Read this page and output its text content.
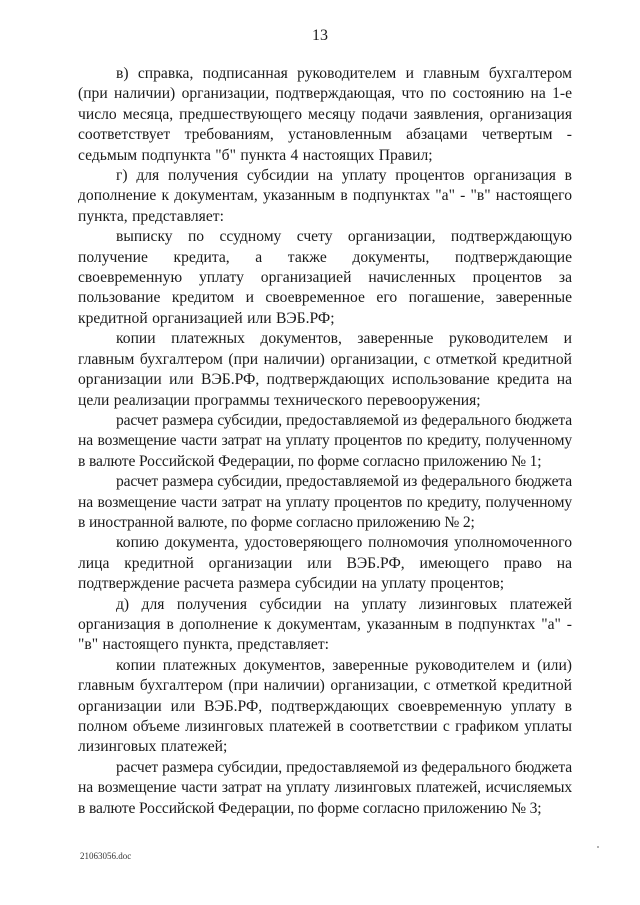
13

в) справка, подписанная руководителем и главным бухгалтером (при наличии) организации, подтверждающая, что по состоянию на 1-е число месяца, предшествующего месяцу подачи заявления, организация соответствует требованиям, установленным абзацами четвертым - седьмым подпункта "б" пункта 4 настоящих Правил;

г) для получения субсидии на уплату процентов организация в дополнение к документам, указанным в подпунктах "а" - "в" настоящего пункта, представляет:

выписку по ссудному счету организации, подтверждающую получение кредита, а также документы, подтверждающие своевременную уплату организацией начисленных процентов за пользование кредитом и своевременное его погашение, заверенные кредитной организацией или ВЭБ.РФ;

копии платежных документов, заверенные руководителем и главным бухгалтером (при наличии) организации, с отметкой кредитной организации или ВЭБ.РФ, подтверждающих использование кредита на цели реализации программы технического перевооружения;

расчет размера субсидии, предоставляемой из федерального бюджета на возмещение части затрат на уплату процентов по кредиту, полученному в валюте Российской Федерации, по форме согласно приложению № 1;

расчет размера субсидии, предоставляемой из федерального бюджета на возмещение части затрат на уплату процентов по кредиту, полученному в иностранной валюте, по форме согласно приложению № 2;

копию документа, удостоверяющего полномочия уполномоченного лица кредитной организации или ВЭБ.РФ, имеющего право на подтверждение расчета размера субсидии на уплату процентов;

д) для получения субсидии на уплату лизинговых платежей организация в дополнение к документам, указанным в подпунктах "а" - "в" настоящего пункта, представляет:

копии платежных документов, заверенные руководителем и (или) главным бухгалтером (при наличии) организации, с отметкой кредитной организации или ВЭБ.РФ, подтверждающих своевременную уплату в полном объеме лизинговых платежей в соответствии с графиком уплаты лизинговых платежей;

расчет размера субсидии, предоставляемой из федерального бюджета на возмещение части затрат на уплату лизинговых платежей, исчисляемых в валюте Российской Федерации, по форме согласно приложению № 3;

21063056.doc
